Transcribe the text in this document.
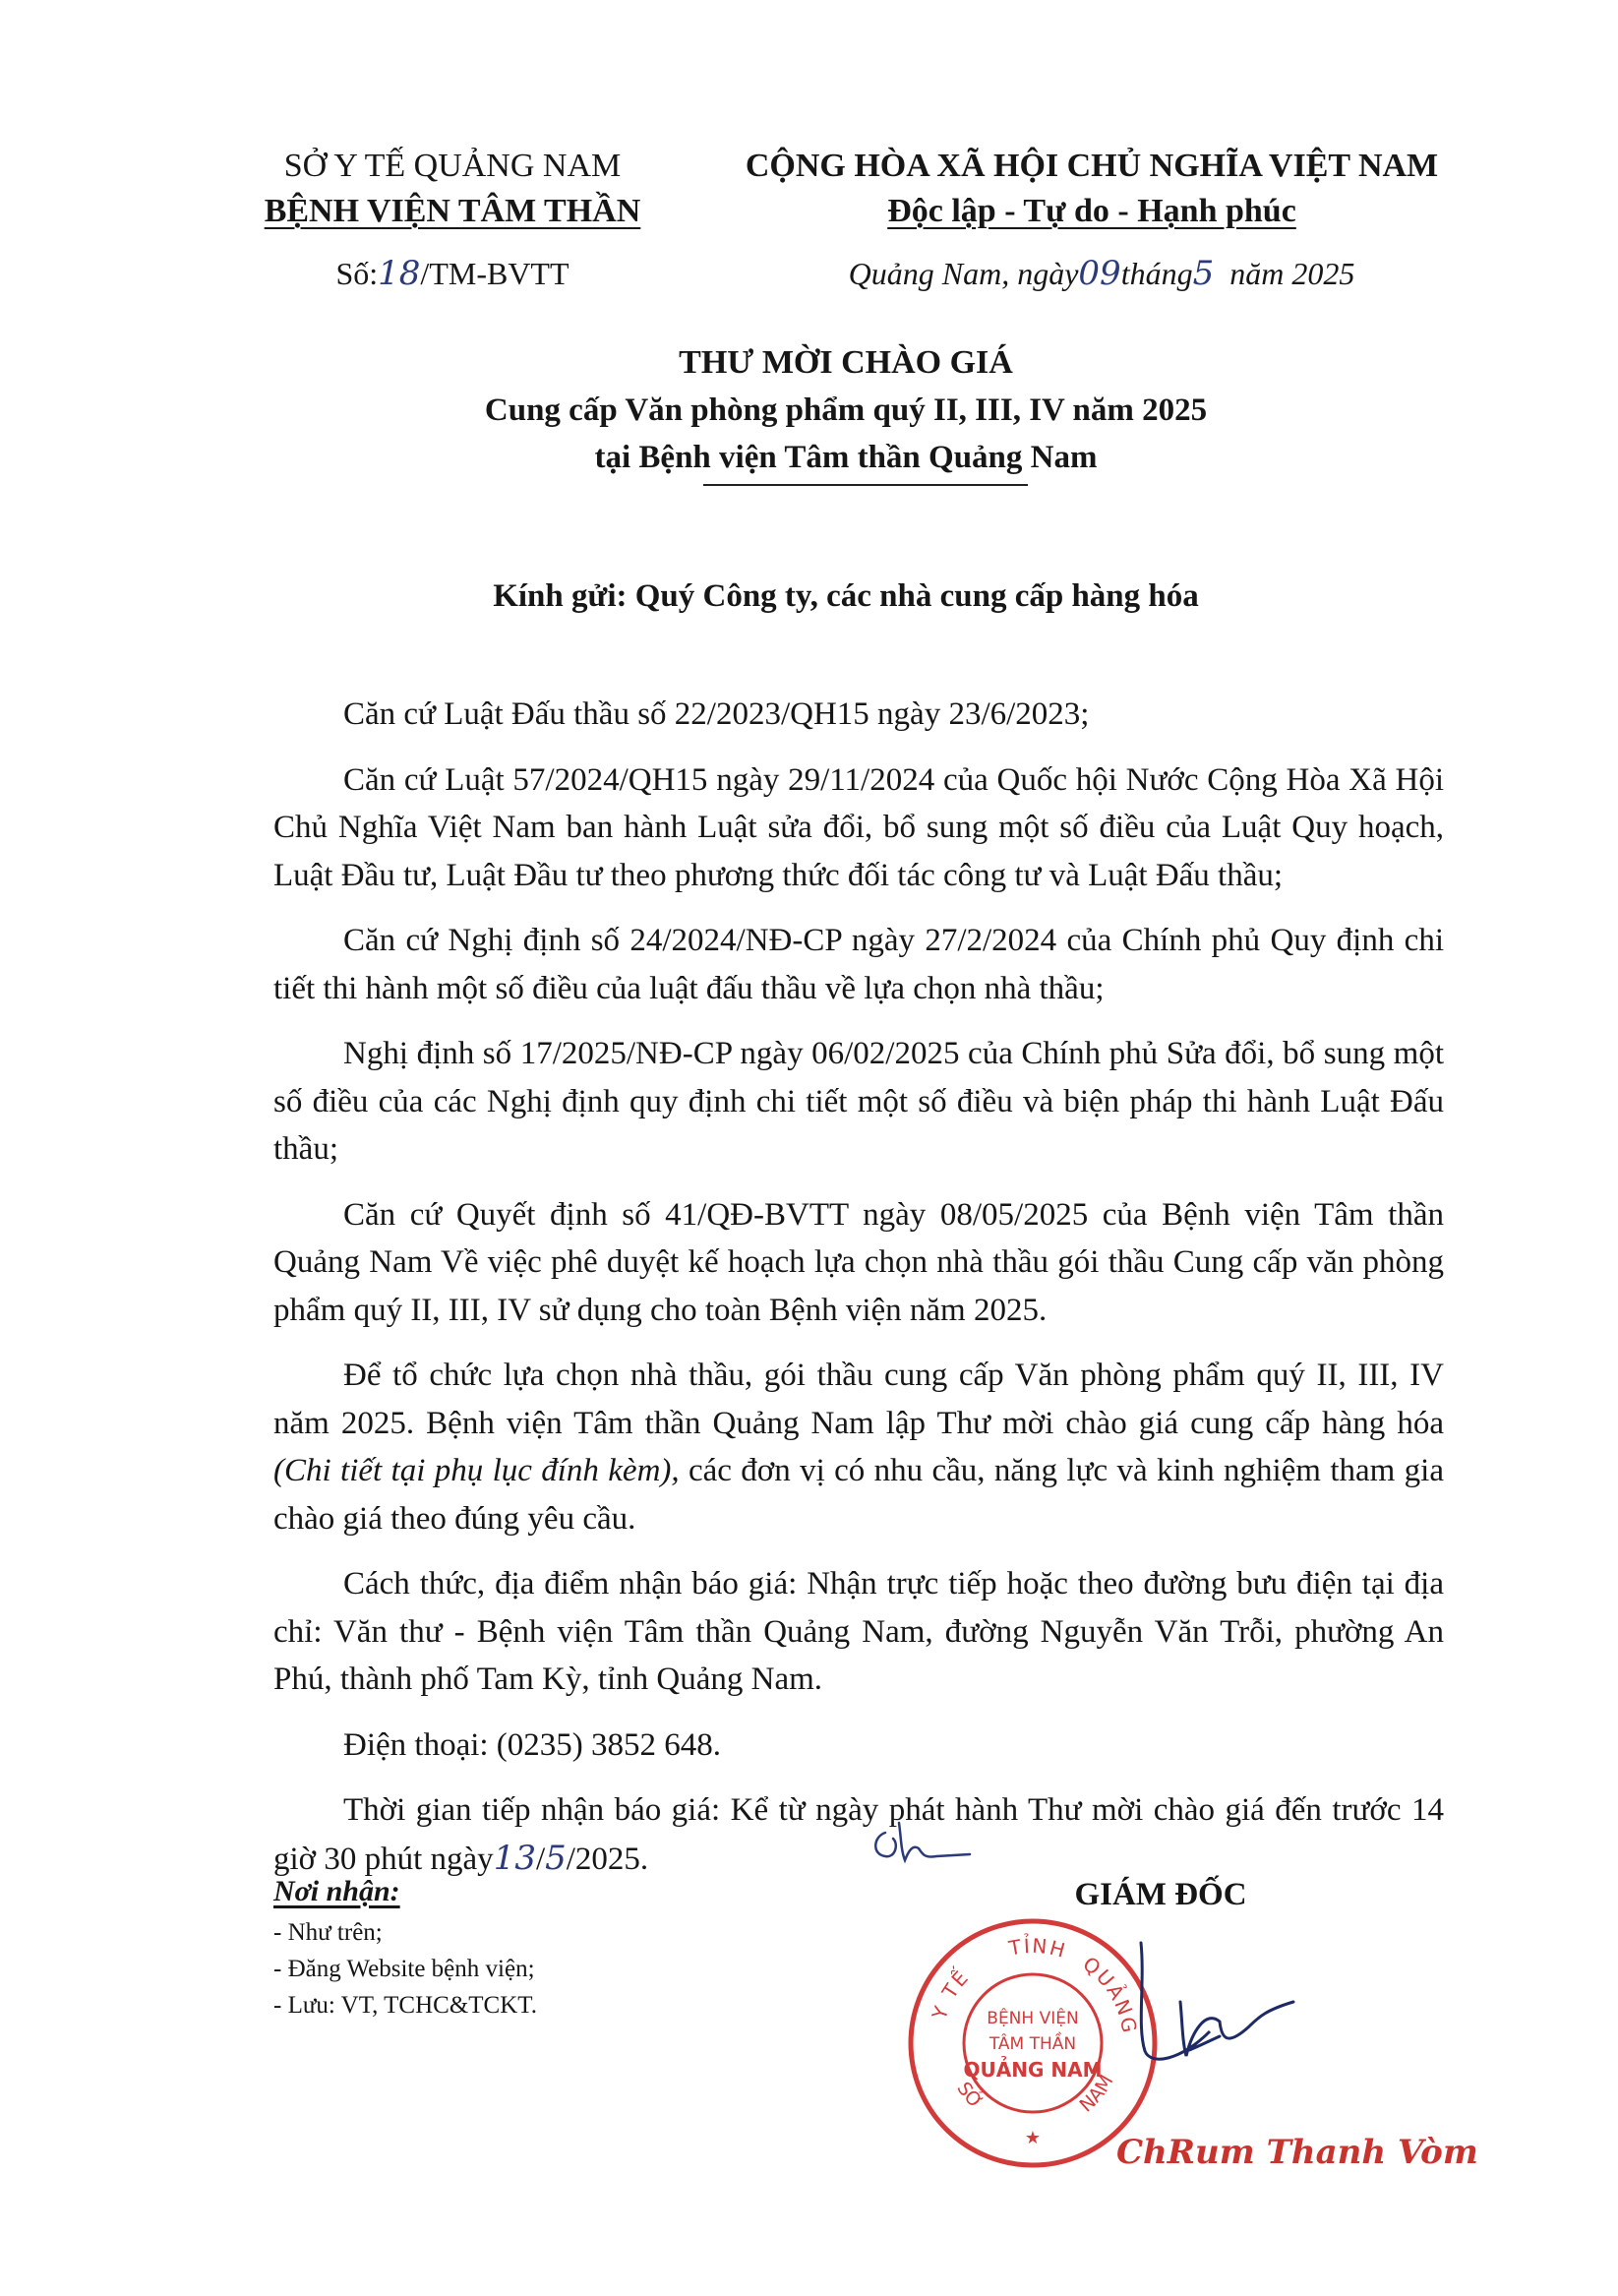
SỞ Y TẾ QUẢNG NAM
BỆNH VIỆN TÂM THẦN
CỘNG HÒA XÃ HỘI CHỦ NGHĨA VIỆT NAM
Độc lập - Tự do - Hạnh phúc
Số:18/TM-BVTT	Quảng Nam, ngày09tháng5 năm 2025
THƯ MỜI CHÀO GIÁ
Cung cấp Văn phòng phẩm quý II, III, IV năm 2025
tại Bệnh viện Tâm thần Quảng Nam
Kính gửi: Quý Công ty, các nhà cung cấp hàng hóa

Căn cứ Luật Đấu thầu số 22/2023/QH15 ngày 23/6/2023;

Căn cứ Luật 57/2024/QH15 ngày 29/11/2024 của Quốc hội Nước Cộng Hòa Xã Hội Chủ Nghĩa Việt Nam ban hành Luật sửa đổi, bổ sung một số điều của Luật Quy hoạch, Luật Đầu tư, Luật Đầu tư theo phương thức đối tác công tư và Luật Đấu thầu;

Căn cứ Nghị định số 24/2024/NĐ-CP ngày 27/2/2024 của Chính phủ Quy định chi tiết thi hành một số điều của luật đấu thầu về lựa chọn nhà thầu;

Nghị định số 17/2025/NĐ-CP ngày 06/02/2025 của Chính phủ Sửa đổi, bổ sung một số điều của các Nghị định quy định chi tiết một số điều và biện pháp thi hành Luật Đấu thầu;

Căn cứ Quyết định số 41/QĐ-BVTT ngày 08/05/2025 của Bệnh viện Tâm thần Quảng Nam Về việc phê duyệt kế hoạch lựa chọn nhà thầu gói thầu Cung cấp văn phòng phẩm quý II, III, IV sử dụng cho toàn Bệnh viện năm 2025.

Để tổ chức lựa chọn nhà thầu, gói thầu cung cấp Văn phòng phẩm quý II, III, IV năm 2025. Bệnh viện Tâm thần Quảng Nam lập Thư mời chào giá cung cấp hàng hóa (Chi tiết tại phụ lục đính kèm), các đơn vị có nhu cầu, năng lực và kinh nghiệm tham gia chào giá theo đúng yêu cầu.

Cách thức, địa điểm nhận báo giá: Nhận trực tiếp hoặc theo đường bưu điện tại địa chỉ: Văn thư - Bệnh viện Tâm thần Quảng Nam, đường Nguyễn Văn Trỗi, phường An Phú, thành phố Tam Kỳ, tỉnh Quảng Nam.

Điện thoại: (0235) 3852 648.

Thời gian tiếp nhận báo giá: Kể từ ngày phát hành Thư mời chào giá đến trước 14 giờ 30 phút ngày13/5/2025.

Nơi nhận:
- Như trên;
- Đăng Website bệnh viện;
- Lưu: VT, TCHC&TCKT.
GIÁM ĐỐC
Y TẾ
TỈNH
QUẢNG
SỞ	NAM
★
BỆNH VIỆN
TÂM THẦN
QUẢNG NAM
ChRum Thanh Vòm
